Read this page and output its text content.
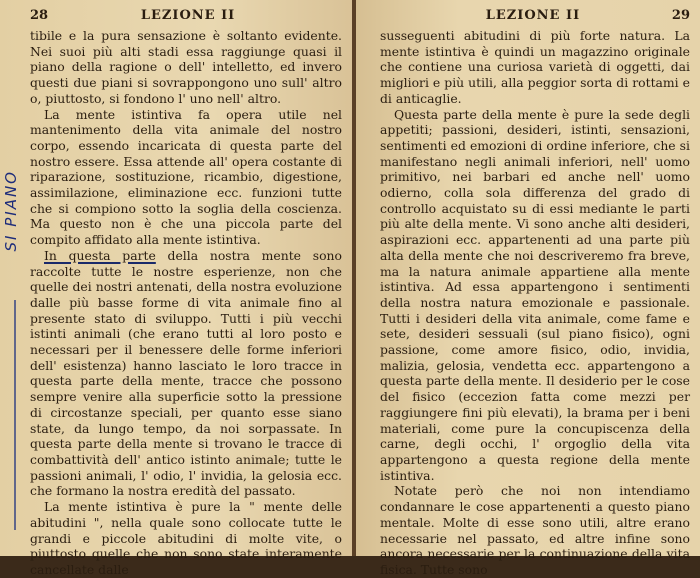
28	LEZIONE II

tibile e la pura sensazione è soltanto evidente. Nei suoi più alti stadi essa raggiunge quasi il piano della ragione o dell' intelletto, ed invero questi due piani si sovrappongono uno sull' altro o, piuttosto, si fondono l' uno nell' altro.

La mente istintiva fa opera utile nel mantenimento della vita animale del nostro corpo, essendo incaricata di questa parte del nostro essere. Essa attende all' opera costante di riparazione, sostituzione, ricambio, digestione, assimilazione, eliminazione ecc. funzioni tutte che si compiono sotto la soglia della coscienza. Ma questo non è che una piccola parte del compito affidato alla mente istintiva.

In questa parte della nostra mente sono raccolte tutte le nostre esperienze, non che quelle dei nostri antenati, della nostra evoluzione dalle più basse forme di vita animale fino al presente stato di sviluppo. Tutti i più vecchi istinti animali (che erano tutti al loro posto e necessari per il benessere delle forme inferiori dell' esistenza) hanno lasciato le loro tracce in questa parte della mente, tracce che possono sempre venire alla superficie sotto la pressione di circostanze speciali, per quanto esse siano state, da lungo tempo, da noi sorpassate. In questa parte della mente si trovano le tracce di combattività dell' antico istinto animale; tutte le passioni animali, l' odio, l' invidia, la gelosia ecc. che formano la nostra eredità del passato.

La mente istintiva è pure la " mente delle abitudini ", nella quale sono collocate tutte le grandi e piccole abitudini di molte vite, o piuttosto quelle che non sono state interamente cancellate dalle

SI PIANO
LEZIONE II	29

susseguenti abitudini di più forte natura. La mente istintiva è quindi un magazzino originale che contiene una curiosa varietà di oggetti, dai migliori e più utili, alla peggior sorta di rottami e di anticaglie.

Questa parte della mente è pure la sede degli appetiti; passioni, desideri, istinti, sensazioni, sentimenti ed emozioni di ordine inferiore, che si manifestano negli animali inferiori, nell' uomo primitivo, nei barbari ed anche nell' uomo odierno, colla sola differenza del grado di controllo acquistato su di essi mediante le parti più alte della mente. Vi sono anche alti desideri, aspirazioni ecc. appartenenti ad una parte più alta della mente che noi descriveremo fra breve, ma la natura animale appartiene alla mente istintiva. Ad essa appartengono i sentimenti della nostra natura emozionale e passionale. Tutti i desideri della vita animale, come fame e sete, desideri sessuali (sul piano fisico), ogni passione, come amore fisico, odio, invidia, malizia, gelosia, vendetta ecc. appartengono a questa parte della mente. Il desiderio per le cose del fisico (eccezion fatta come mezzi per raggiungere fini più elevati), la brama per i beni materiali, come pure la concupiscenza della carne, degli occhi, l' orgoglio della vita appartengono a questa regione della mente istintiva.

Notate però che noi non intendiamo condannare le cose appartenenti a questo piano mentale. Molte di esse sono utili, altre erano necessarie nel passato, ed altre infine sono ancora necessarie per la continuazione della vita fisica. Tutte sono
